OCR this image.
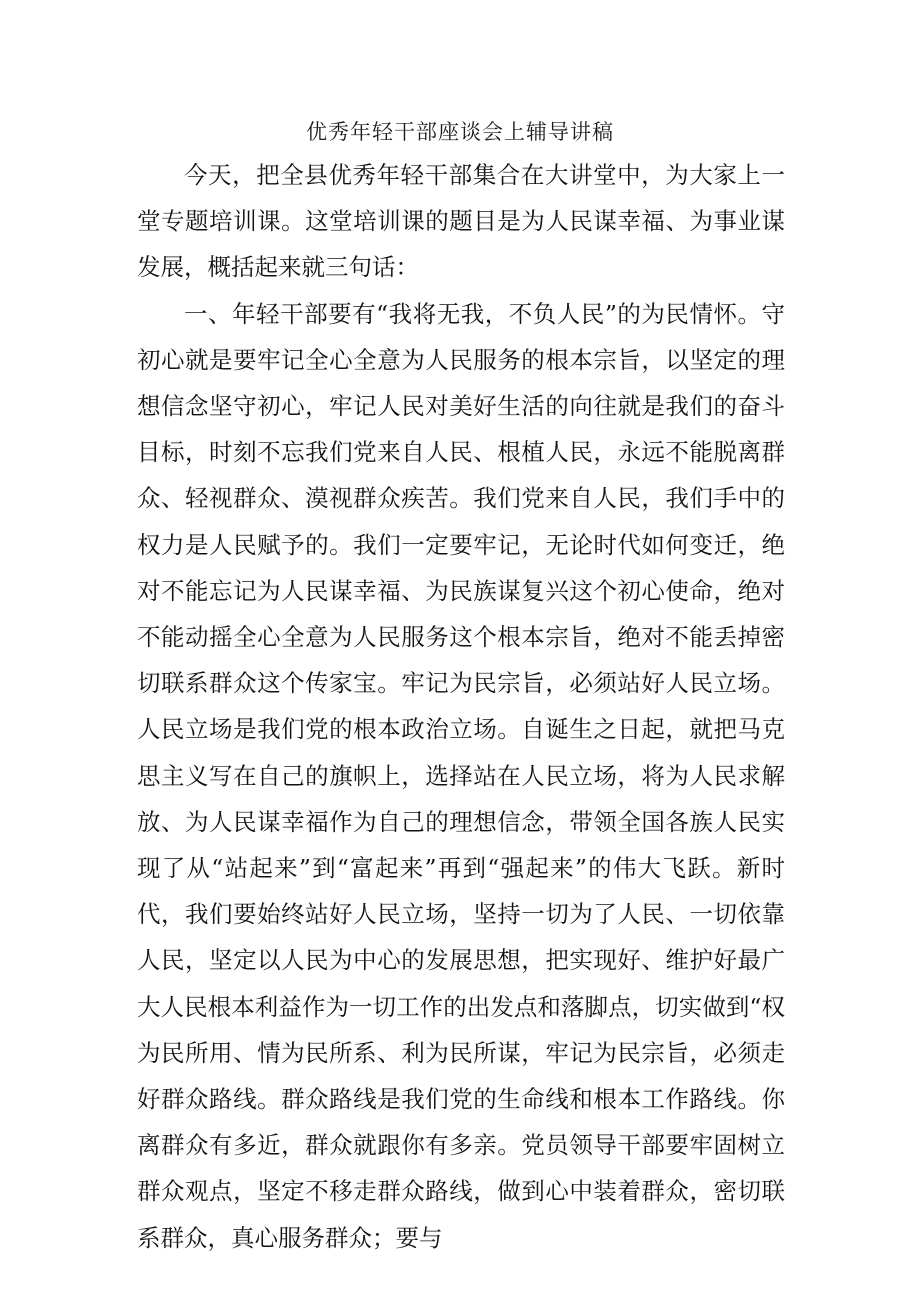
优秀年轻干部座谈会上辅导讲稿

今天，把全县优秀年轻干部集合在大讲堂中，为大家上一堂专题培训课。这堂培训课的题目是为人民谋幸福、为事业谋发展，概括起来就三句话：

一、年轻干部要有“我将无我，不负人民”的为民情怀。守初心就是要牢记全心全意为人民服务的根本宗旨，以坚定的理想信念坚守初心，牢记人民对美好生活的向往就是我们的奋斗目标，时刻不忘我们党来自人民、根植人民，永远不能脱离群众、轻视群众、漠视群众疾苦。我们党来自人民，我们手中的权力是人民赋予的。我们一定要牢记，无论时代如何变迁，绝对不能忘记为人民谋幸福、为民族谋复兴这个初心使命，绝对不能动摇全心全意为人民服务这个根本宗旨，绝对不能丢掉密切联系群众这个传家宝。牢记为民宗旨，必须站好人民立场。人民立场是我们党的根本政治立场。自诞生之日起，就把马克思主义写在自己的旗帜上，选择站在人民立场，将为人民求解放、为人民谋幸福作为自己的理想信念，带领全国各族人民实现了从“站起来”到“富起来”再到“强起来”的伟大飞跃。新时代，我们要始终站好人民立场，坚持一切为了人民、一切依靠人民，坚定以人民为中心的发展思想，把实现好、维护好最广大人民根本利益作为一切工作的出发点和落脚点，切实做到“权为民所用、情为民所系、利为民所谋，牢记为民宗旨，必须走好群众路线。群众路线是我们党的生命线和根本工作路线。你离群众有多近，群众就跟你有多亲。党员领导干部要牢固树立群众观点，坚定不移走群众路线，做到心中装着群众，密切联系群众，真心服务群众；要与
